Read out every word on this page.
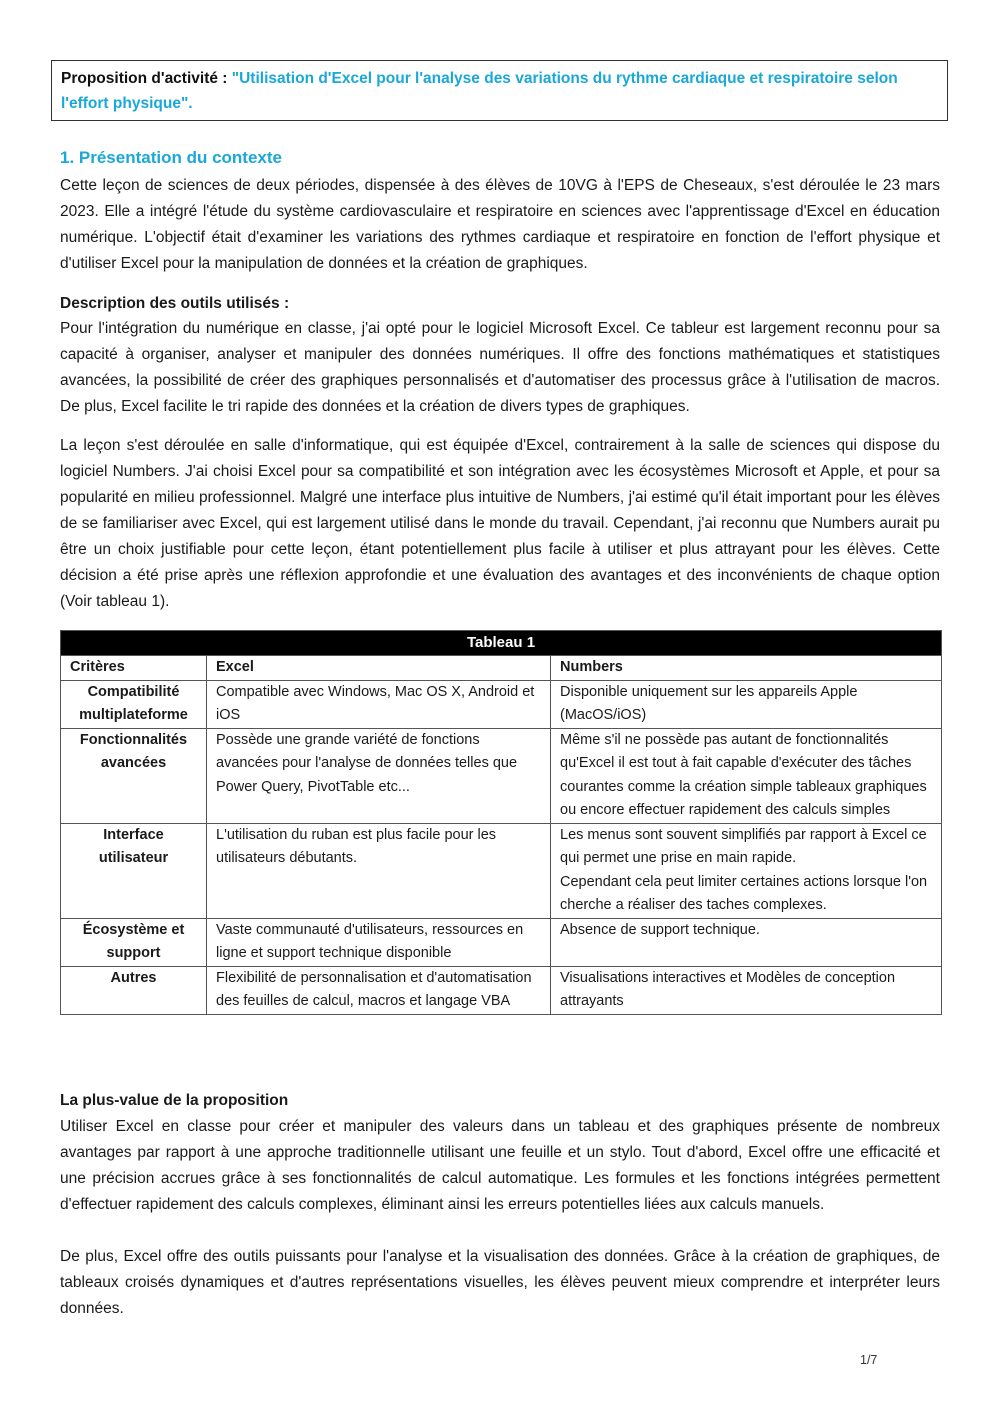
Proposition d'activité : "Utilisation d'Excel pour l'analyse des variations du rythme cardiaque et respiratoire selon l'effort physique".
1. Présentation du contexte

Cette leçon de sciences de deux périodes, dispensée à des élèves de 10VG à l'EPS de Cheseaux, s'est déroulée le 23 mars 2023. Elle a intégré l'étude du système cardiovasculaire et respiratoire en sciences avec l'apprentissage d'Excel en éducation numérique. L'objectif était d'examiner les variations des rythmes cardiaque et respiratoire en fonction de l'effort physique et d'utiliser Excel pour la manipulation de données et la création de graphiques.

Description des outils utilisés :

Pour l'intégration du numérique en classe, j'ai opté pour le logiciel Microsoft Excel. Ce tableur est largement reconnu pour sa capacité à organiser, analyser et manipuler des données numériques. Il offre des fonctions mathématiques et statistiques avancées, la possibilité de créer des graphiques personnalisés et d'automatiser des processus grâce à l'utilisation de macros. De plus, Excel facilite le tri rapide des données et la création de divers types de graphiques.

La leçon s'est déroulée en salle d'informatique, qui est équipée d'Excel, contrairement à la salle de sciences qui dispose du logiciel Numbers. J'ai choisi Excel pour sa compatibilité et son intégration avec les écosystèmes Microsoft et Apple, et pour sa popularité en milieu professionnel. Malgré une interface plus intuitive de Numbers, j'ai estimé qu'il était important pour les élèves de se familiariser avec Excel, qui est largement utilisé dans le monde du travail. Cependant, j'ai reconnu que Numbers aurait pu être un choix justifiable pour cette leçon, étant potentiellement plus facile à utiliser et plus attrayant pour les élèves. Cette décision a été prise après une réflexion approfondie et une évaluation des avantages et des inconvénients de chaque option (Voir tableau 1).

Tableau 1		
Critères	Excel	Numbers
Compatibilité multiplateforme	Compatible avec Windows, Mac OS X, Android et iOS	Disponible uniquement sur les appareils Apple (MacOS/iOS)
Fonctionnalités avancées	Possède une grande variété de fonctions avancées pour l'analyse de données telles que Power Query, PivotTable etc...	Même s'il ne possède pas autant de fonctionnalités qu'Excel il est tout à fait capable d'exécuter des tâches courantes comme la création simple tableaux graphiques ou encore effectuer rapidement des calculs simples
Interface utilisateur	L'utilisation du ruban est plus facile pour les utilisateurs débutants.	Les menus sont souvent simplifiés par rapport à Excel ce qui permet une prise en main rapide.
Cependant cela peut limiter certaines actions lorsque l'on cherche a réaliser des taches complexes.

Écosystème et support	Vaste communauté d'utilisateurs, ressources en ligne et support technique disponible	Absence de support technique.
Autres	Flexibilité de personnalisation et d'automatisation des feuilles de calcul, macros et langage VBA	Visualisations interactives et Modèles de conception attrayants

La plus-value de la proposition

Utiliser Excel en classe pour créer et manipuler des valeurs dans un tableau et des graphiques présente de nombreux avantages par rapport à une approche traditionnelle utilisant une feuille et un stylo. Tout d'abord, Excel offre une efficacité et une précision accrues grâce à ses fonctionnalités de calcul automatique. Les formules et les fonctions intégrées permettent d'effectuer rapidement des calculs complexes, éliminant ainsi les erreurs potentielles liées aux calculs manuels.

De plus, Excel offre des outils puissants pour l'analyse et la visualisation des données. Grâce à la création de graphiques, de tableaux croisés dynamiques et d'autres représentations visuelles, les élèves peuvent mieux comprendre et interpréter leurs données.

1/7
